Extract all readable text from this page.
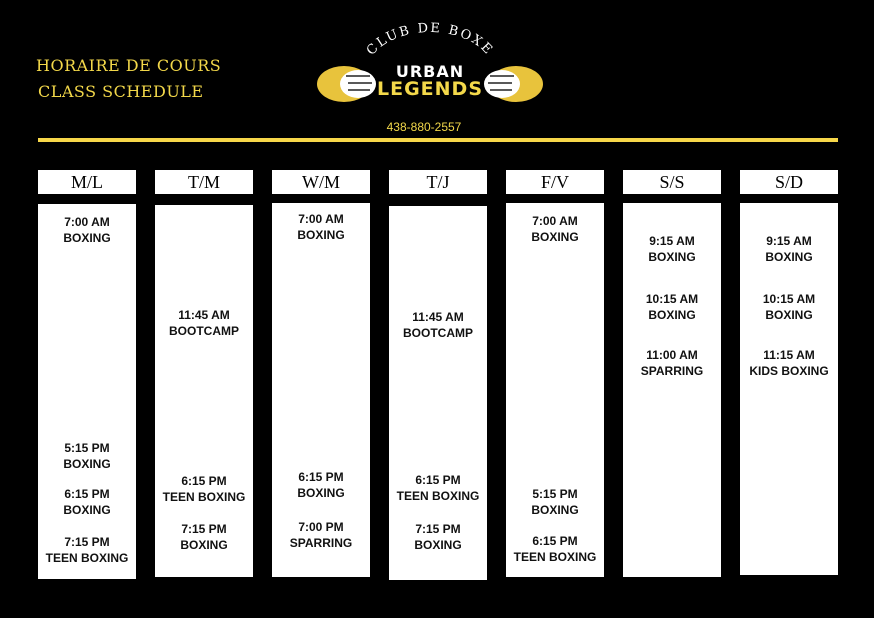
HORAIRE DE COURS
CLASS SCHEDULE
CLUB DE BOXE
URBAN
LEGENDS
438-880-2557
M/L
7:00 AM
BOXING
5:15 PM
BOXING
6:15 PM
BOXING
7:15 PM
TEEN BOXING
T/M
11:45 AM
BOOTCAMP
6:15 PM
TEEN BOXING
7:15 PM
BOXING
W/M
7:00 AM
BOXING
6:15 PM
BOXING
7:00 PM
SPARRING
T/J
11:45 AM
BOOTCAMP
6:15 PM
TEEN BOXING
7:15 PM
BOXING
F/V
7:00 AM
BOXING
5:15 PM
BOXING
6:15 PM
TEEN BOXING
S/S
9:15 AM
BOXING
10:15 AM
BOXING
11:00 AM
SPARRING
S/D
9:15 AM
BOXING
10:15 AM
BOXING
11:15 AM
KIDS BOXING
